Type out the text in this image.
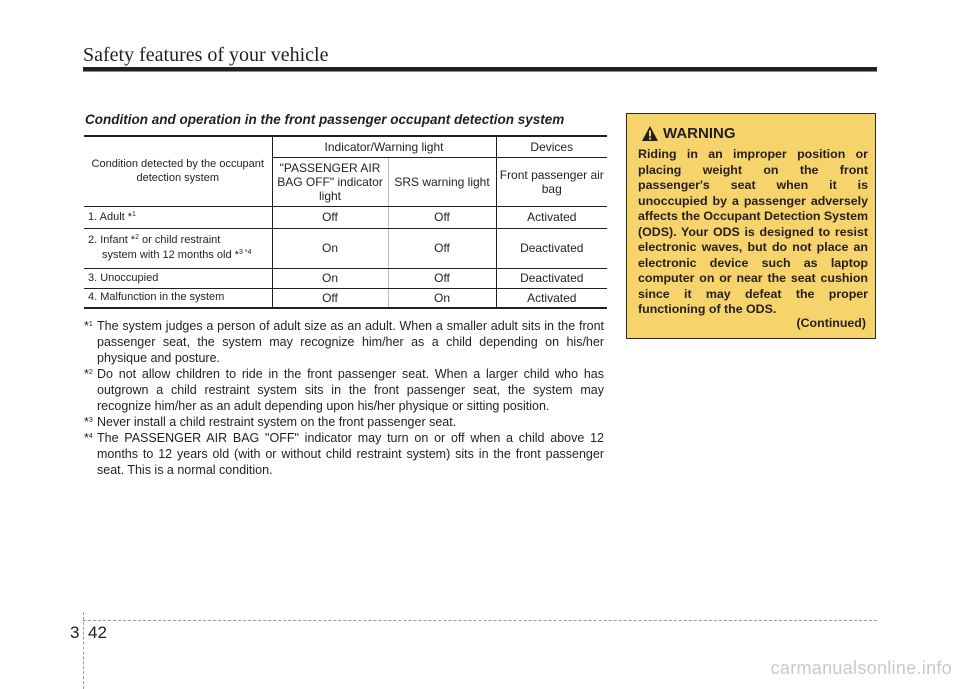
Safety features of your vehicle
Condition and operation in the front passenger occupant detection system
Condition detected by the occupant detection system	Indicator/Warning light		Devices
	"PASSENGER AIR BAG OFF" indicator light	SRS warning light	Front passenger air bag
1. Adult *$^1$	Off	Off	Activated
2. Infant *$^2$ or child restraint
system with 12 months old *$^{3 *4}$	On	Off	Deactivated
3. Unoccupied	On	Off	Deactivated
4. Malfunction in the system	Off	On	Activated
*$^1$ The system judges a person of adult size as an adult. When a smaller adult sits in the front passenger seat, the system may recognize him/her as a child depending on his/her physique and posture.
*$^2$ Do not allow children to ride in the front passenger seat. When a larger child who has outgrown a child restraint system sits in the front passenger seat, the system may recognize him/her as an adult depending upon his/her physique or sitting position.
*$^3$ Never install a child restraint system on the front passenger seat.
*$^4$ The PASSENGER AIR BAG "OFF" indicator may turn on or off when a child above 12 months to 12 years old (with or without child restraint system) sits in the front passenger seat. This is a normal condition.
WARNING
Riding in an improper position or placing weight on the front passenger's seat when it is unoccupied by a passenger adversely affects the Occupant Detection System (ODS). Your ODS is designed to resist electronic waves, but do not place an electronic device such as laptop computer on or near the seat cushion since it may defeat the proper functioning of the ODS.
(Continued)
3 42
carmanualsonline.info
